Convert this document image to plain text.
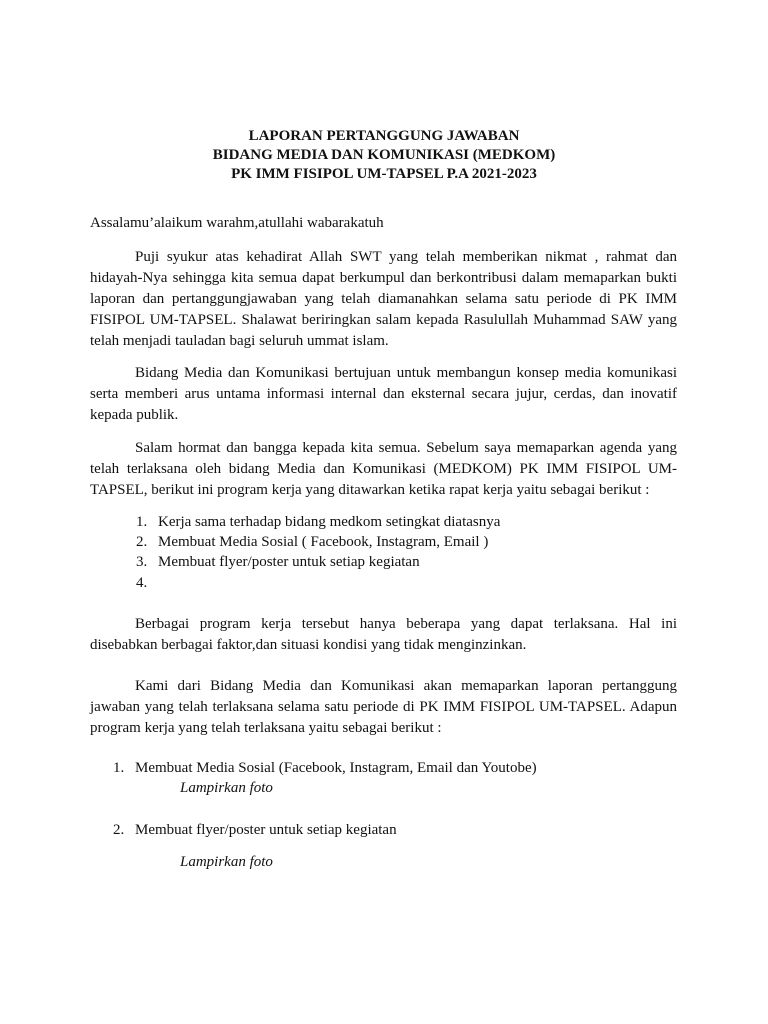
LAPORAN PERTANGGUNG JAWABAN
BIDANG MEDIA DAN KOMUNIKASI (MEDKOM)
PK IMM FISIPOL UM-TAPSEL P.A 2021-2023

Assalamu’alaikum warahm,atullahi wabarakatuh

Puji syukur atas kehadirat Allah SWT yang telah memberikan nikmat , rahmat dan hidayah-Nya sehingga kita semua dapat berkumpul dan berkontribusi dalam memaparkan bukti laporan dan pertanggungjawaban yang telah diamanahkan selama satu periode di PK IMM FISIPOL UM-TAPSEL. Shalawat beriringkan salam kepada Rasulullah Muhammad SAW yang telah menjadi tauladan bagi seluruh ummat islam.

Bidang Media dan Komunikasi bertujuan untuk membangun konsep media komunikasi serta memberi arus untama informasi internal dan eksternal secara jujur, cerdas, dan inovatif kepada publik.

Salam hormat dan bangga kepada kita semua. Sebelum saya memaparkan agenda yang telah terlaksana oleh bidang Media dan Komunikasi (MEDKOM) PK IMM FISIPOL UM-TAPSEL, berikut ini program kerja yang ditawarkan ketika rapat kerja yaitu sebagai berikut :

1. Kerja sama terhadap bidang medkom setingkat diatasnya
2. Membuat Media Sosial ( Facebook, Instagram, Email )
3. Membuat flyer/poster untuk setiap kegiatan
4.

Berbagai program kerja tersebut hanya beberapa yang dapat terlaksana. Hal ini disebabkan berbagai faktor,dan situasi kondisi yang tidak menginzinkan.

Kami dari Bidang Media dan Komunikasi akan memaparkan laporan pertanggung jawaban yang telah terlaksana selama satu periode di PK IMM FISIPOL UM-TAPSEL. Adapun program kerja yang telah terlaksana yaitu sebagai berikut :

1. Membuat Media Sosial (Facebook, Instagram, Email dan Youtobe)
Lampirkan foto
2. Membuat flyer/poster untuk setiap kegiatan
Lampirkan foto
